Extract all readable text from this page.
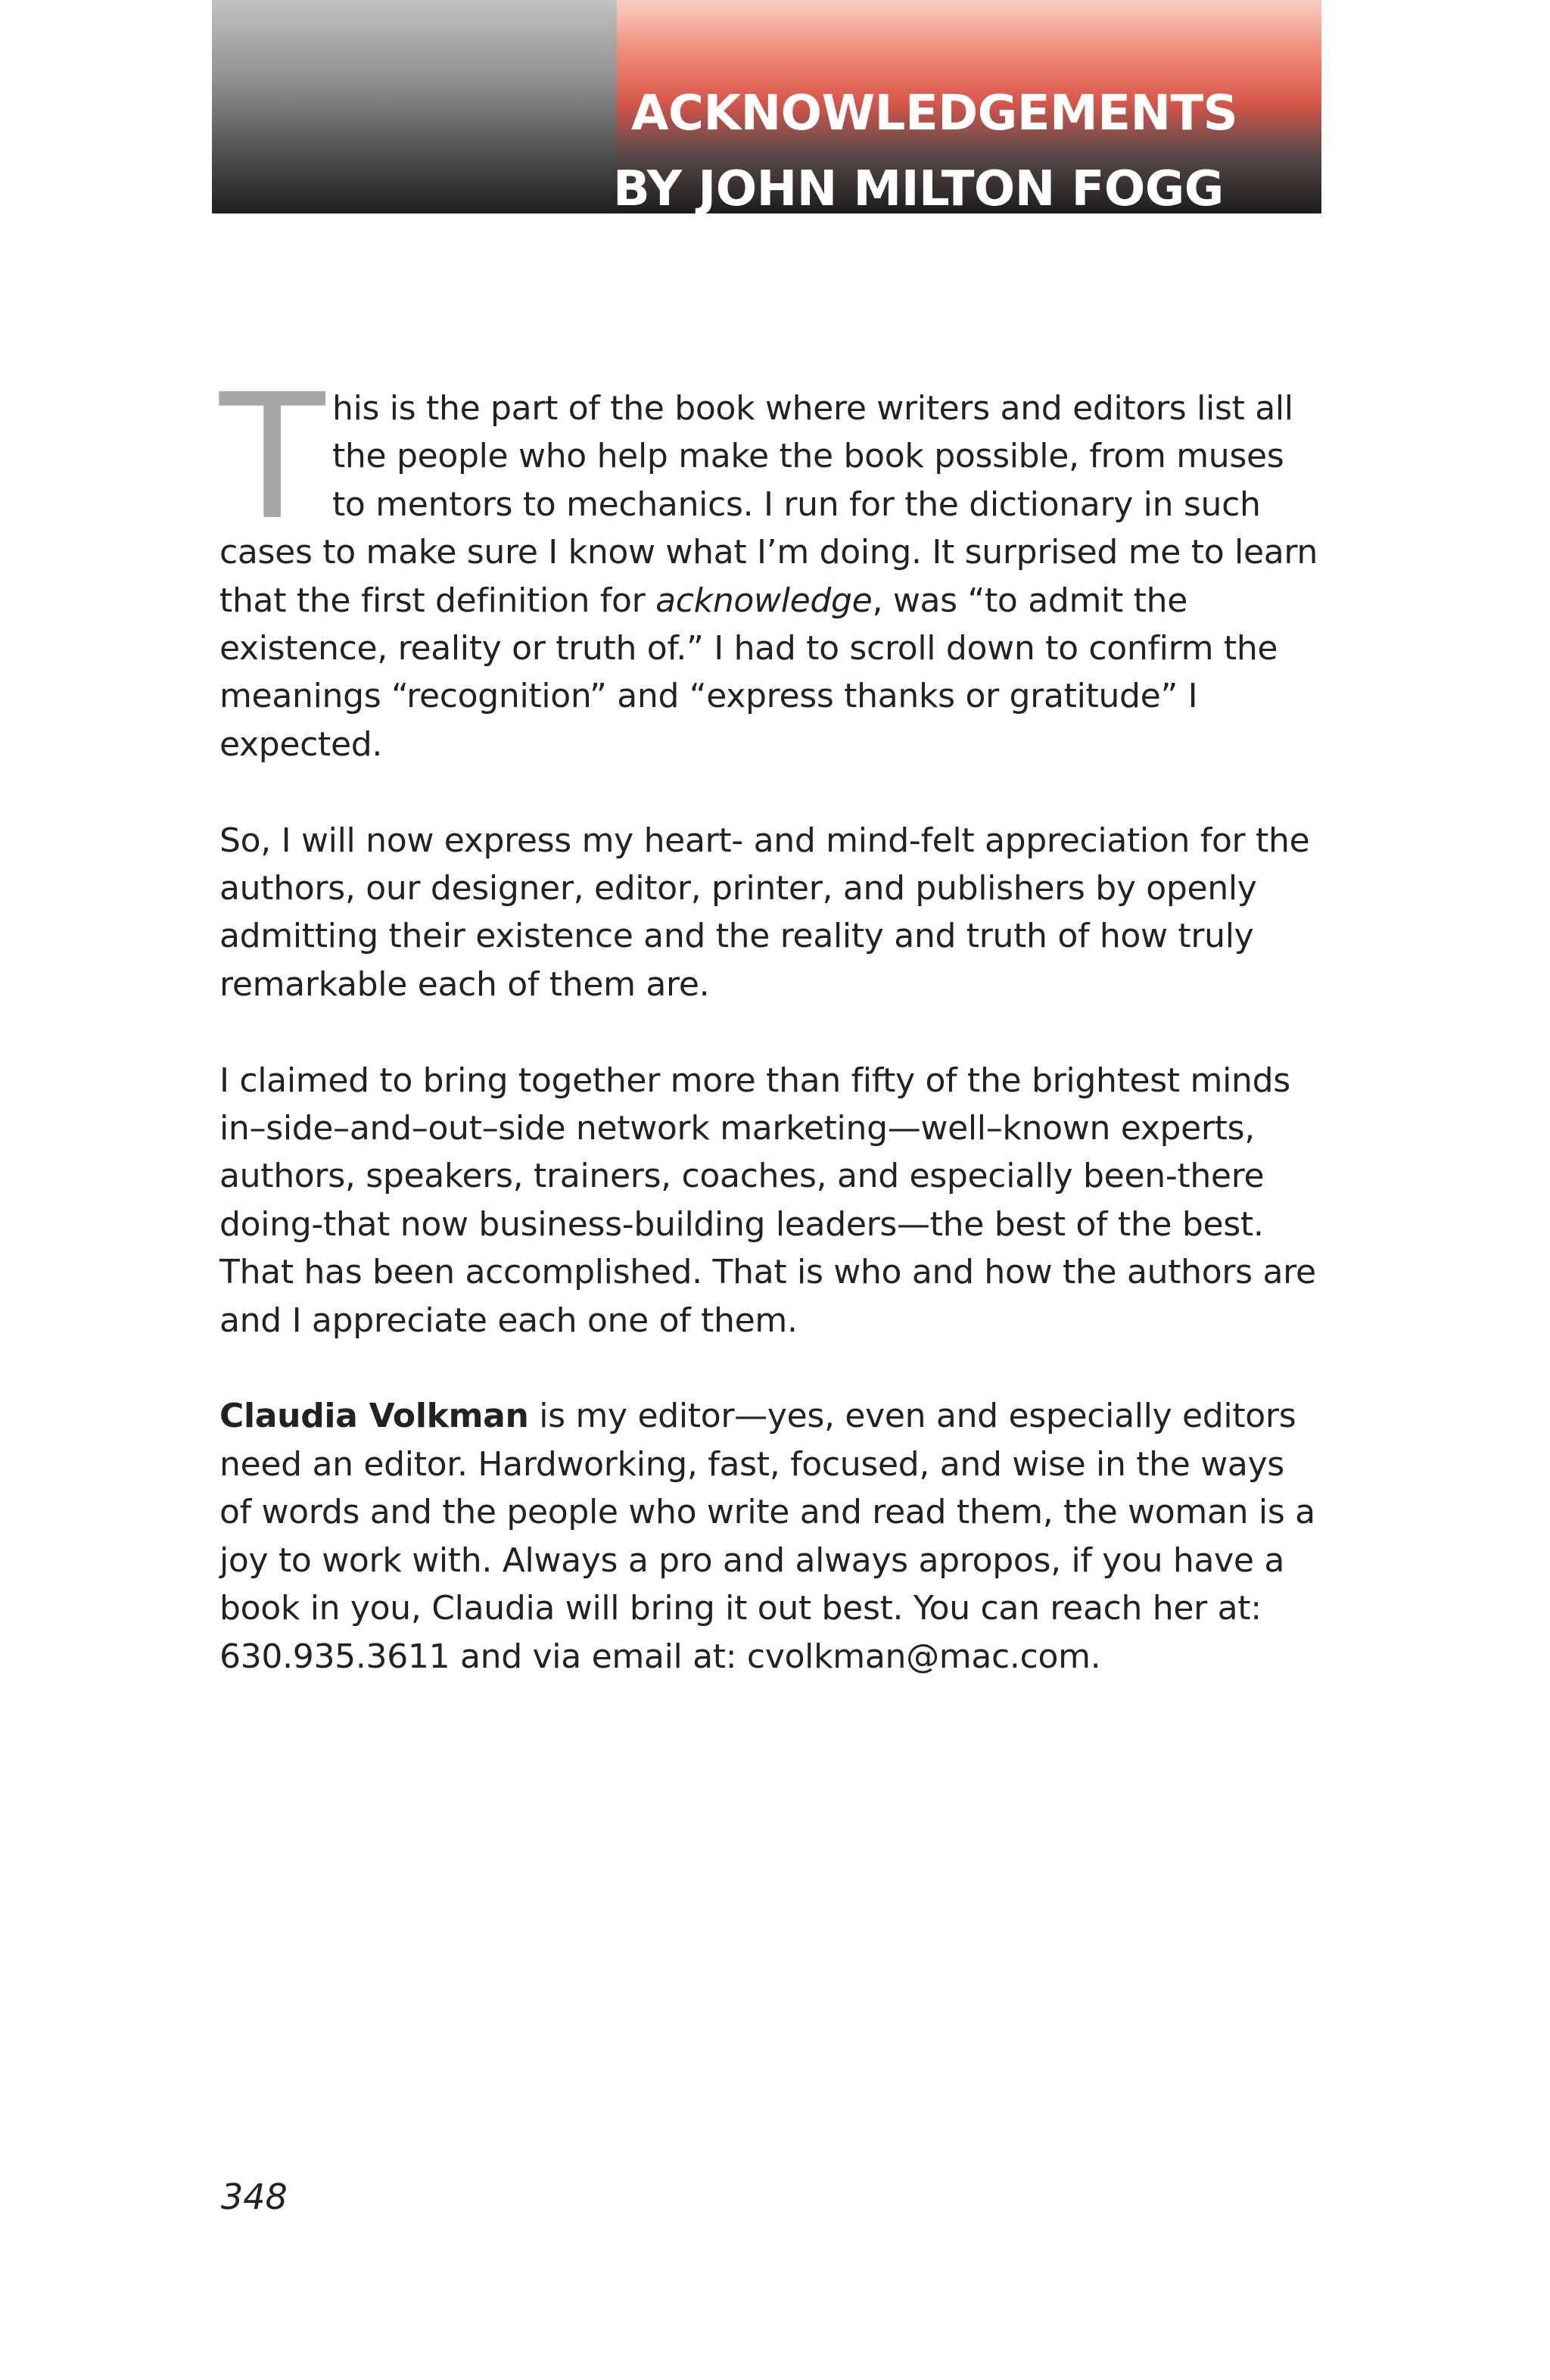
ACKNOWLEDGEMENTS
BY JOHN MILTON FOGG

This is the part of the book where writers and editors list all the people who help make the book possible, from muses to mentors to mechanics. I run for the dictionary in such cases to make sure I know what I’m doing. It surprised me to learn that the first definition for acknowledge, was “to admit the existence, reality or truth of.” I had to scroll down to confirm the meanings “recognition” and “express thanks or gratitude” I expected.

So, I will now express my heart- and mind-felt appreciation for the authors, our designer, editor, printer, and publishers by openly admitting their existence and the reality and truth of how truly remarkable each of them are.

I claimed to bring together more than fifty of the brightest minds in–side–and–out–side network marketing—well–known experts, authors, speakers, trainers, coaches, and especially been-there doing-that now business-building leaders—the best of the best. That has been accomplished. That is who and how the authors are and I appreciate each one of them.

Claudia Volkman is my editor—yes, even and especially editors need an editor. Hardworking, fast, focused, and wise in the ways of words and the people who write and read them, the woman is a joy to work with. Always a pro and always apropos, if you have a book in you, Claudia will bring it out best. You can reach her at: 630.935.3611 and via email at: cvolkman@mac.com.

348
